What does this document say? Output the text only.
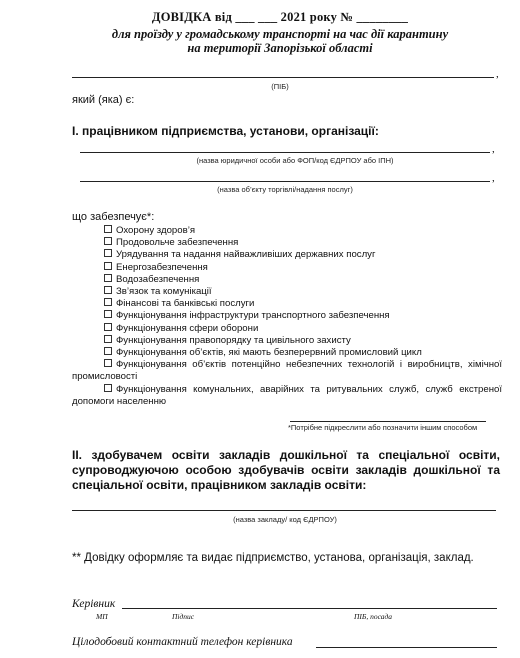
ДОВІДКА від ___ ___ 2021 року № ________
для проїзду у громадському транспорті на час дії карантину
на території Запорізької області
,
(ПІБ)
який (яка) є:
І. працівником підприємства, установи, організації:
,
(назва юридичної особи або ФОП/код ЄДРПОУ або ІПН)
,
(назва об’єкту торгівлі/надання послуг)
що забезпечує*:
Охорону здоров’я
Продовольче забезпечення
Урядування та надання найважливіших державних послуг
Енергозабезпечення
Водозабезпечення
Зв’язок та комунікації
Фінансові та банківські послуги
Функціонування інфраструктури транспортного забезпечення
Функціонування сфери оборони
Функціонування правопорядку та цивільного захисту
Функціонування об’єктів, які мають безперервний промисловий цикл
Функціонування об’єктів потенційно небезпечних технологій і виробництв, хімічної промисловості
Функціонування комунальних, аварійних та ритувальних служб, служб екстреної допомоги населенню
*Потрібне підкреслити або позначити іншим способом
ІІ. здобувачем освіти закладів дошкільної та спеціальної освіти, супроводжуючою особою здобувачів освіти закладів дошкільної та спеціальної освіти, працівником закладів освіти:
(назва закладу/ код ЄДРПОУ)
** Довідку оформляє та видає підприємство, установа, організація, заклад.
Керівник
МП	Підпис	ПІБ, посада
Цілодобовий контактний телефон керівника
